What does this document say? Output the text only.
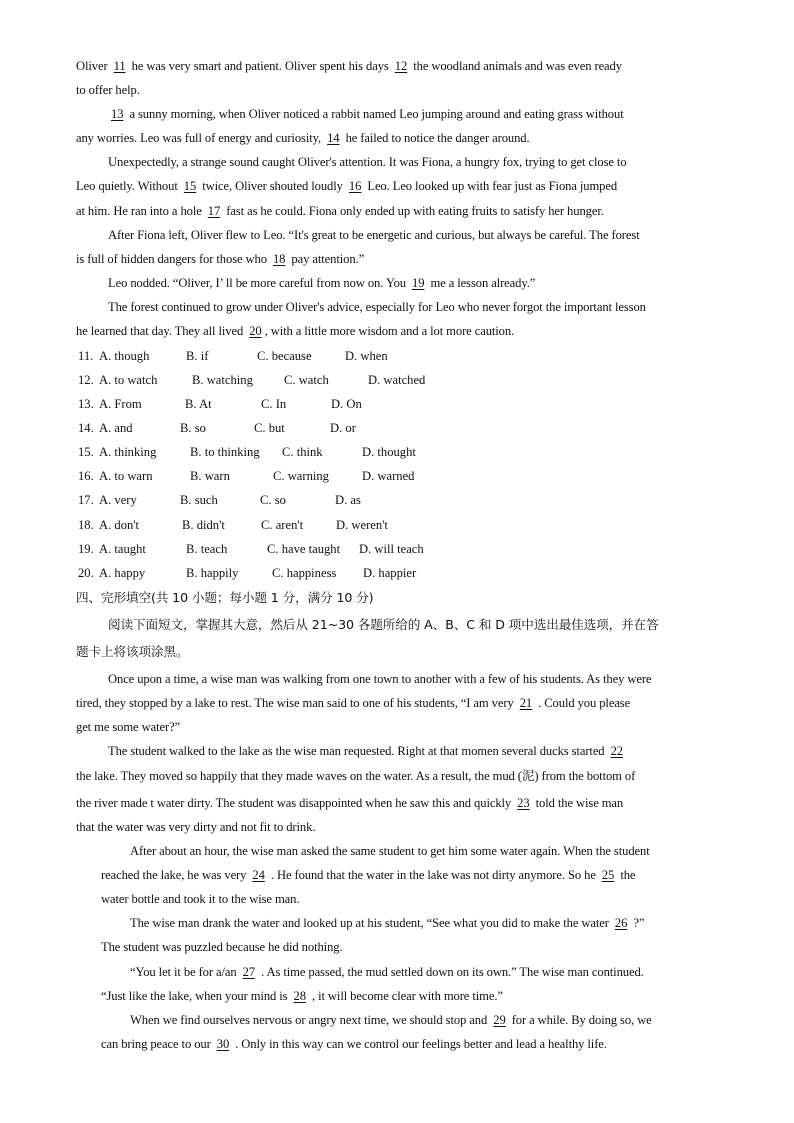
Oliver 11 he was very smart and patient. Oliver spent his days 12 the woodland animals and was even ready
to offer help.
13 a sunny morning, when Oliver noticed a rabbit named Leo jumping around and eating grass without
any worries. Leo was full of energy and curiosity, 14 he failed to notice the danger around.
Unexpectedly, a strange sound caught Oliver's attention. It was Fiona, a hungry fox, trying to get close to
Leo quietly. Without 15 twice, Oliver shouted loudly 16 Leo. Leo looked up with fear just as Fiona jumped
at him. He ran into a hole 17 fast as he could. Fiona only ended up with eating fruits to satisfy her hunger.
After Fiona left, Oliver flew to Leo. “It's great to be energetic and curious, but always be careful. The forest
is full of hidden dangers for those who 18 pay attention.”
Leo nodded. “Oliver, I’ ll be more careful from now on. You 19 me a lesson already.”
The forest continued to grow under Oliver's advice, especially for Leo who never forgot the important lesson
he learned that day. They all lived 20 , with a little more wisdom and a lot more caution.
11. A. though	B. if	C. because	D. when
12. A. to watch	B. watching C. watch	D. watched
13. A. From	B. At	C. In	D. On
14. A. and	B. so	C. but	D. or
15. A. thinking	B. to thinking C. think	D. thought
16. A. to warn	B. warn	C. warning	D. warned
17. A. very	B. such	C. so	D. as
18. A. don't	B. didn't	C. aren't	D. weren't
19. A. taught	B. teach	C. have taught D. will teach
20. A. happy	B. happily	C. happiness D. happier
四、完形填空(共 10 小题；每小题 1 分，满分 10 分)
阅读下面短文，掌握其大意，然后从 21~30 各题所给的 A、B、C 和 D 项中选出最佳选项，并在答
题卡上将该项涂黑。
Once upon a time, a wise man was walking from one town to another with a few of his students. As they were
tired, they stopped by a lake to rest. The wise man said to one of his students, “I am very 21 . Could you please
get me some water?”
The student walked to the lake as the wise man requested. Right at that momen several ducks started 22
the lake. They moved so happily that they made waves on the water. As a result, the mud (泥) from the bottom of
the river made t water dirty. The student was disappointed when he saw this and quickly 23 told the wise man
that the water was very dirty and not fit to drink.
After about an hour, the wise man asked the same student to get him some water again. When the student
reached the lake, he was very 24 . He found that the water in the lake was not dirty anymore. So he 25 the
water bottle and took it to the wise man.
The wise man drank the water and looked up at his student, “See what you did to make the water 26 ?”
The student was puzzled because he did nothing.
“You let it be for a/an 27 . As time passed, the mud settled down on its own.” The wise man continued.
“Just like the lake, when your mind is 28 , it will become clear with more time.”
When we find ourselves nervous or angry next time, we should stop and 29 for a while. By doing so, we
can bring peace to our 30 . Only in this way can we control our feelings better and lead a healthy life.
